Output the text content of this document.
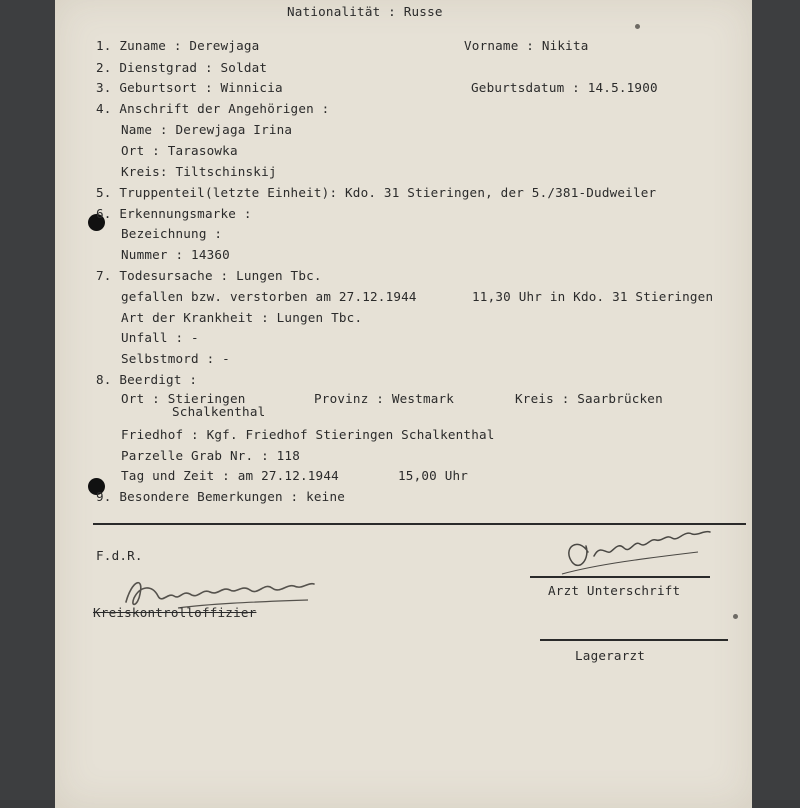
Nationalität : Russe
1. Zuname : Derewjaga	Vorname : Nikita
2. Dienstgrad : Soldat
3. Geburtsort : Winnicia	Geburtsdatum : 14.5.1900
4. Anschrift der Angehörigen :
Name : Derewjaga Irina
Ort : Tarasowka
Kreis: Tiltschinskij
5. Truppenteil(letzte Einheit): Kdo. 31 Stieringen, der 5./381-Dudweiler
6. Erkennungsmarke :
Bezeichnung :
Nummer : 14360
7. Todesursache : Lungen Tbc.
gefallen bzw. verstorben am 27.12.1944	11,30 Uhr in Kdo. 31 Stieringen
Art der Krankheit : Lungen Tbc.
Unfall : -
Selbstmord : -
8. Beerdigt :
Ort : Stieringen
Schalkenthal
Provinz : Westmark	Kreis : Saarbrücken
Friedhof : Kgf. Friedhof Stieringen Schalkenthal
Parzelle Grab Nr. : 118
Tag und Zeit : am 27.12.1944	15,00 Uhr
9. Besondere Bemerkungen : keine
F.d.R.
Kreiskontrolloffizier
Arzt Unterschrift
Lagerarzt
